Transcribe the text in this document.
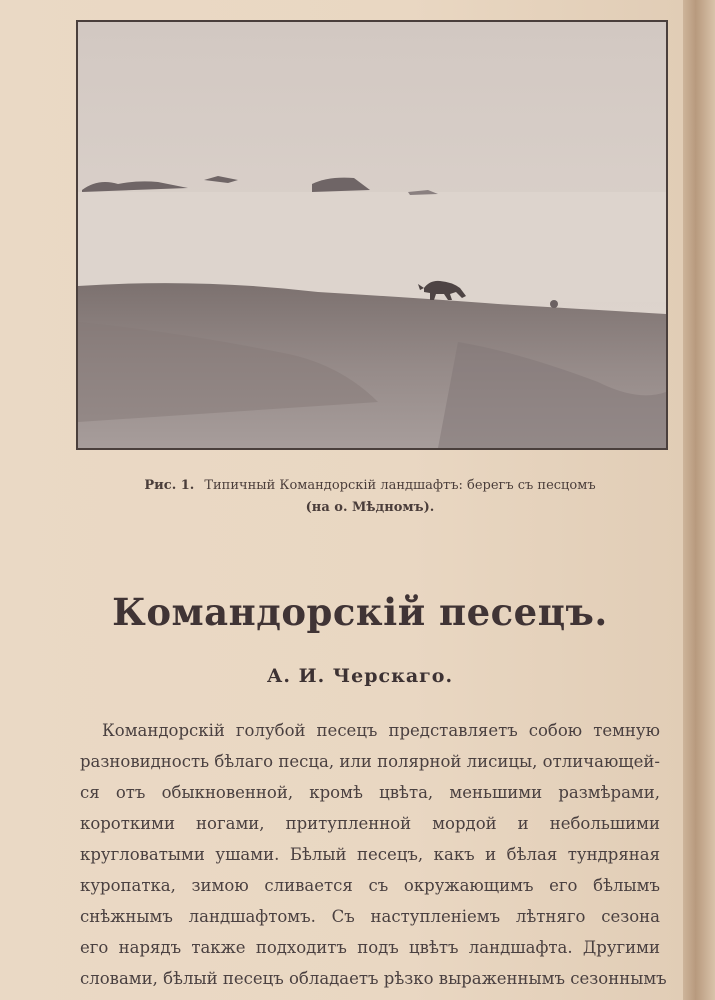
Рис. 1. Типичный Командорскій ландшафтъ: берегъ съ песцомъ
(на о. Мѣдномъ).
Командорскій песецъ.
А. И. Черскаго.
Командорскій голубой песецъ представляетъ собою темную
разновидность бѣлаго песца, или полярной лисицы, отличающей-
ся отъ обыкновенной, кромѣ цвѣта, меньшими размѣрами,
короткими ногами, притупленной мордой и небольшими
кругловатыми ушами. Бѣлый песецъ, какъ и бѣлая тундряная
куропатка, зимою сливается съ окружающимъ его бѣлымъ
снѣжнымъ ландшафтомъ. Съ наступленіемъ лѣтняго сезона
его нарядъ также подходитъ подъ цвѣтъ ландшафта. Другими
словами, бѣлый песецъ обладаетъ рѣзко выраженнымъ сезоннымъ
